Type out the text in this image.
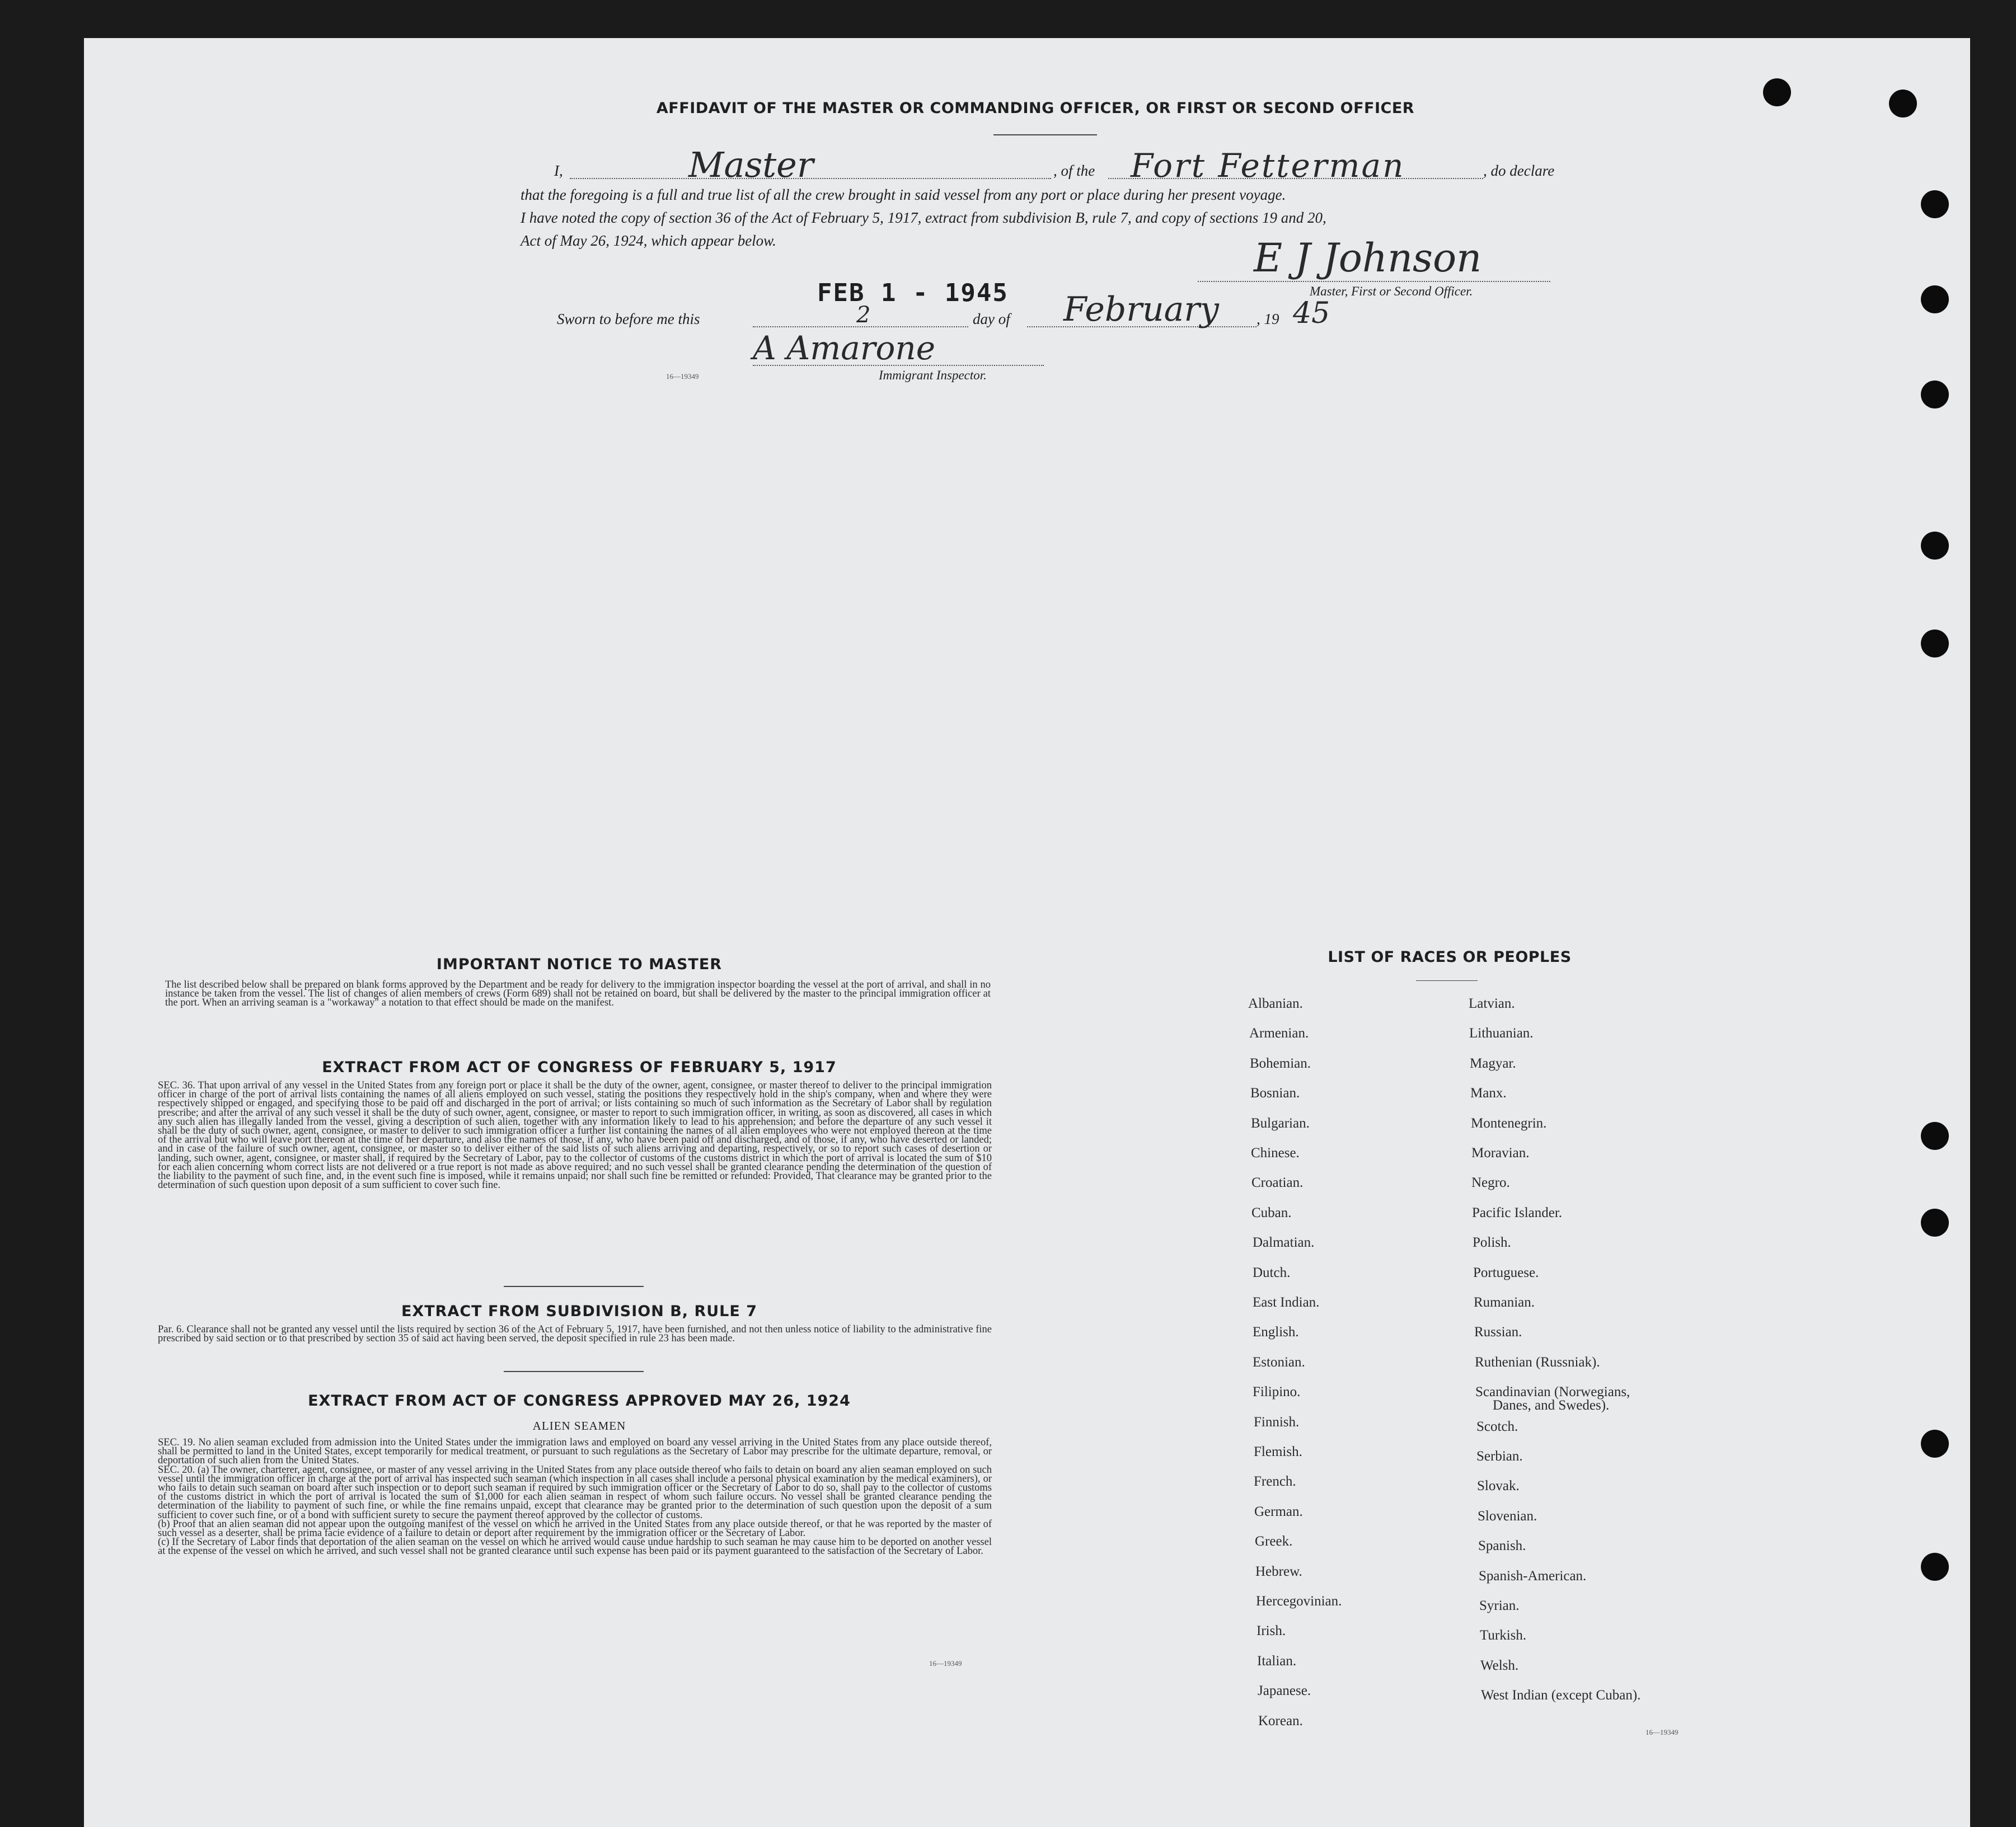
AFFIDAVIT OF THE MASTER OR COMMANDING OFFICER, OR FIRST OR SECOND OFFICER
I,	Master	, of the Fort Fetterman	, do declare
that the foregoing is a full and true list of all the crew brought in said vessel from any port or place during her present voyage.
I have noted the copy of section 36 of the Act of February 5, 1917, extract from subdivision B, rule 7, and copy of sections 19 and 20,
Act of May 26, 1924, which appear below.	E J Johnson
Master, First or Second Officer.
FEB 1 - 1945
Sworn to before me this	2	day of February , 19 45
A Amarone
16—19349	Immigrant Inspector.
IMPORTANT NOTICE TO MASTER

The list described below shall be prepared on blank forms approved by the Department and be ready for delivery to the immigration inspector boarding the vessel at the port of arrival, and shall in no instance be taken from the vessel. The list of changes of alien members of crews (Form 689) shall not be retained on board, but shall be delivered by the master to the principal immigration officer at the port. When an arriving seaman is a "workaway" a notation to that effect should be made on the manifest.

EXTRACT FROM ACT OF CONGRESS OF FEBRUARY 5, 1917

SEC. 36. That upon arrival of any vessel in the United States from any foreign port or place it shall be the duty of the owner, agent, consignee, or master thereof to deliver to the principal immigration officer in charge of the port of arrival lists containing the names of all aliens employed on such vessel, stating the positions they respectively hold in the ship's company, when and where they were respectively shipped or engaged, and specifying those to be paid off and discharged in the port of arrival; or lists containing so much of such information as the Secretary of Labor shall by regulation prescribe; and after the arrival of any such vessel it shall be the duty of such owner, agent, consignee, or master to report to such immigration officer, in writing, as soon as discovered, all cases in which any such alien has illegally landed from the vessel, giving a description of such alien, together with any information likely to lead to his apprehension; and before the departure of any such vessel it shall be the duty of such owner, agent, consignee, or master to deliver to such immigration officer a further list containing the names of all alien employees who were not employed thereon at the time of the arrival but who will leave port thereon at the time of her departure, and also the names of those, if any, who have been paid off and discharged, and of those, if any, who have deserted or landed; and in case of the failure of such owner, agent, consignee, or master so to deliver either of the said lists of such aliens arriving and departing, respectively, or so to report such cases of desertion or landing, such owner, agent, consignee, or master shall, if required by the Secretary of Labor, pay to the collector of customs of the customs district in which the port of arrival is located the sum of $10 for each alien concerning whom correct lists are not delivered or a true report is not made as above required; and no such vessel shall be granted clearance pending the determination of the question of the liability to the payment of such fine, and, in the event such fine is imposed, while it remains unpaid; nor shall such fine be remitted or refunded: Provided, That clearance may be granted prior to the determination of such question upon deposit of a sum sufficient to cover such fine.

EXTRACT FROM SUBDIVISION B, RULE 7

Par. 6. Clearance shall not be granted any vessel until the lists required by section 36 of the Act of February 5, 1917, have been furnished, and not then unless notice of liability to the administrative fine prescribed by said section or to that prescribed by section 35 of said act having been served, the deposit specified in rule 23 has been made.

EXTRACT FROM ACT OF CONGRESS APPROVED MAY 26, 1924
ALIEN SEAMEN

SEC. 19. No alien seaman excluded from admission into the United States under the immigration laws and employed on board any vessel arriving in the United States from any place outside thereof, shall be permitted to land in the United States, except temporarily for medical treatment, or pursuant to such regulations as the Secretary of Labor may prescribe for the ultimate departure, removal, or deportation of such alien from the United States.
SEC. 20. (a) The owner, charterer, agent, consignee, or master of any vessel arriving in the United States from any place outside thereof who fails to detain on board any alien seaman employed on such vessel until the immigration officer in charge at the port of arrival has inspected such seaman (which inspection in all cases shall include a personal physical examination by the medical examiners), or who fails to detain such seaman on board after such inspection or to deport such seaman if required by such immigration officer or the Secretary of Labor to do so, shall pay to the collector of customs of the customs district in which the port of arrival is located the sum of $1,000 for each alien seaman in respect of whom such failure occurs. No vessel shall be granted clearance pending the determination of the liability to payment of such fine, or while the fine remains unpaid, except that clearance may be granted prior to the determination of such question upon the deposit of a sum sufficient to cover such fine, or of a bond with sufficient surety to secure the payment thereof approved by the collector of customs.
(b) Proof that an alien seaman did not appear upon the outgoing manifest of the vessel on which he arrived in the United States from any place outside thereof, or that he was reported by the master of such vessel as a deserter, shall be prima facie evidence of a failure to detain or deport after requirement by the immigration officer or the Secretary of Labor.
(c) If the Secretary of Labor finds that deportation of the alien seaman on the vessel on which he arrived would cause undue hardship to such seaman he may cause him to be deported on another vessel at the expense of the vessel on which he arrived, and such vessel shall not be granted clearance until such expense has been paid or its payment guaranteed to the satisfaction of the Secretary of Labor.

16—19349
LIST OF RACES OR PEOPLES
Albanian.
Armenian.
Bohemian.
Bosnian.
Bulgarian.
Chinese.
Croatian.
Cuban.
Dalmatian.
Dutch.
East Indian.
English.
Estonian.
Filipino.
Finnish.
Flemish.
French.
German.
Greek.
Hebrew.
Hercegovinian.
Irish.
Italian.
Japanese.
Korean.
Latvian.
Lithuanian.
Magyar.
Manx.
Montenegrin.
Moravian.
Negro.
Pacific Islander.
Polish.
Portuguese.
Rumanian.
Russian.
Ruthenian (Russniak).
Scandinavian (Norwegians,
Danes, and Swedes).
Scotch.
Serbian.
Slovak.
Slovenian.
Spanish.
Spanish-American.
Syrian.
Turkish.
Welsh.
West Indian (except Cuban).
16—19349
